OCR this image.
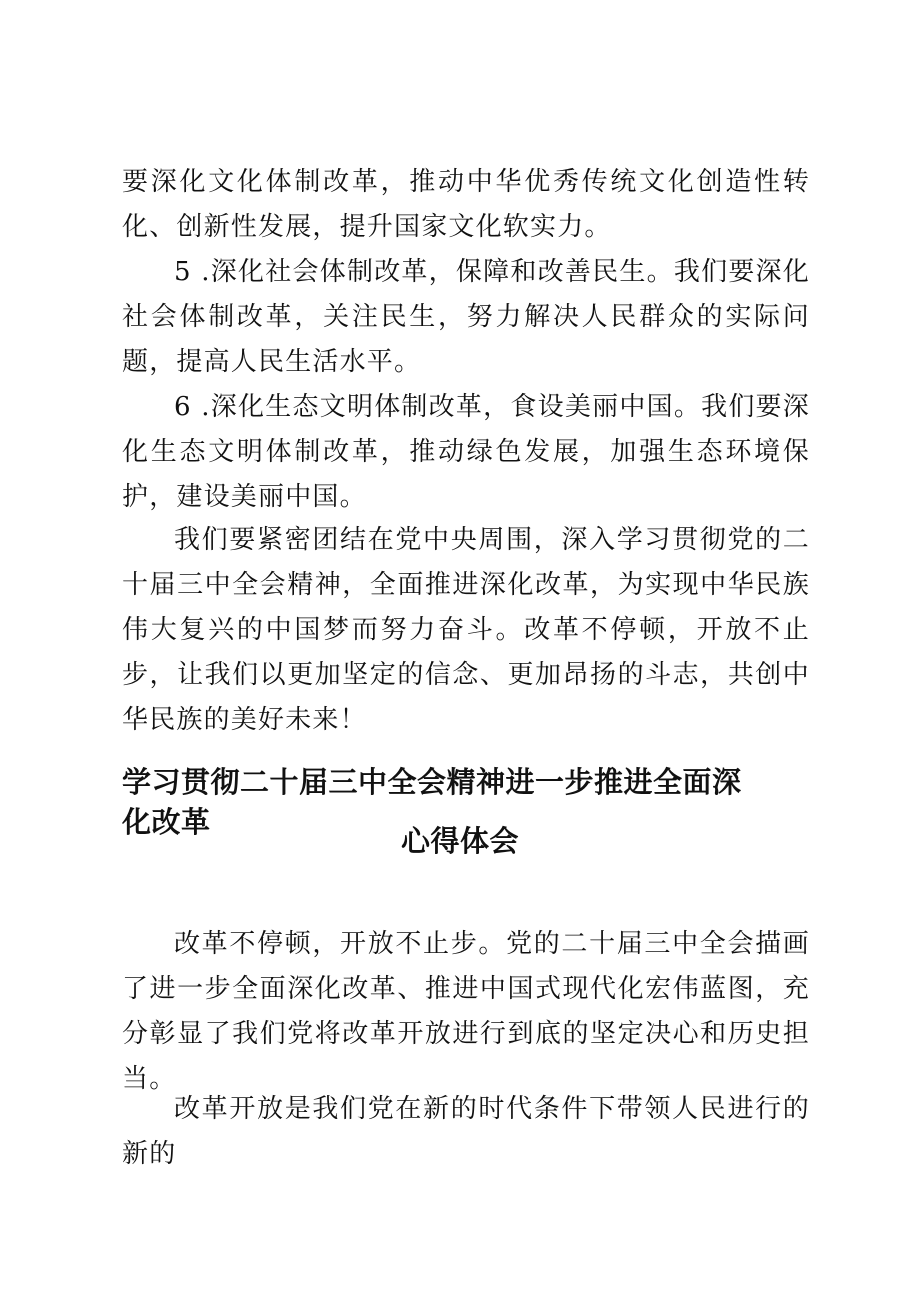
要深化文化体制改革，推动中华优秀传统文化创造性转化、创新性发展，提升国家文化软实力。

5 .深化社会体制改革，保障和改善民生。我们要深化社会体制改革，关注民生，努力解决人民群众的实际问题，提高人民生活水平。

6 .深化生态文明体制改革，食设美丽中国。我们要深化生态文明体制改革，推动绿色发展，加强生态环境保护，建设美丽中国。

我们要紧密团结在党中央周围，深入学习贯彻党的二十届三中全会精神，全面推进深化改革，为实现中华民族伟大复兴的中国梦而努力奋斗。改革不停顿，开放不止步，让我们以更加坚定的信念、更加昂扬的斗志，共创中华民族的美好未来！

学习贯彻二十届三中全会精神进一步推进全面深化改革
心得体会

改革不停顿，开放不止步。党的二十届三中全会描画了进一步全面深化改革、推进中国式现代化宏伟蓝图，充分彰显了我们党将改革开放进行到底的坚定决心和历史担当。

改革开放是我们党在新的时代条件下带领人民进行的新的
